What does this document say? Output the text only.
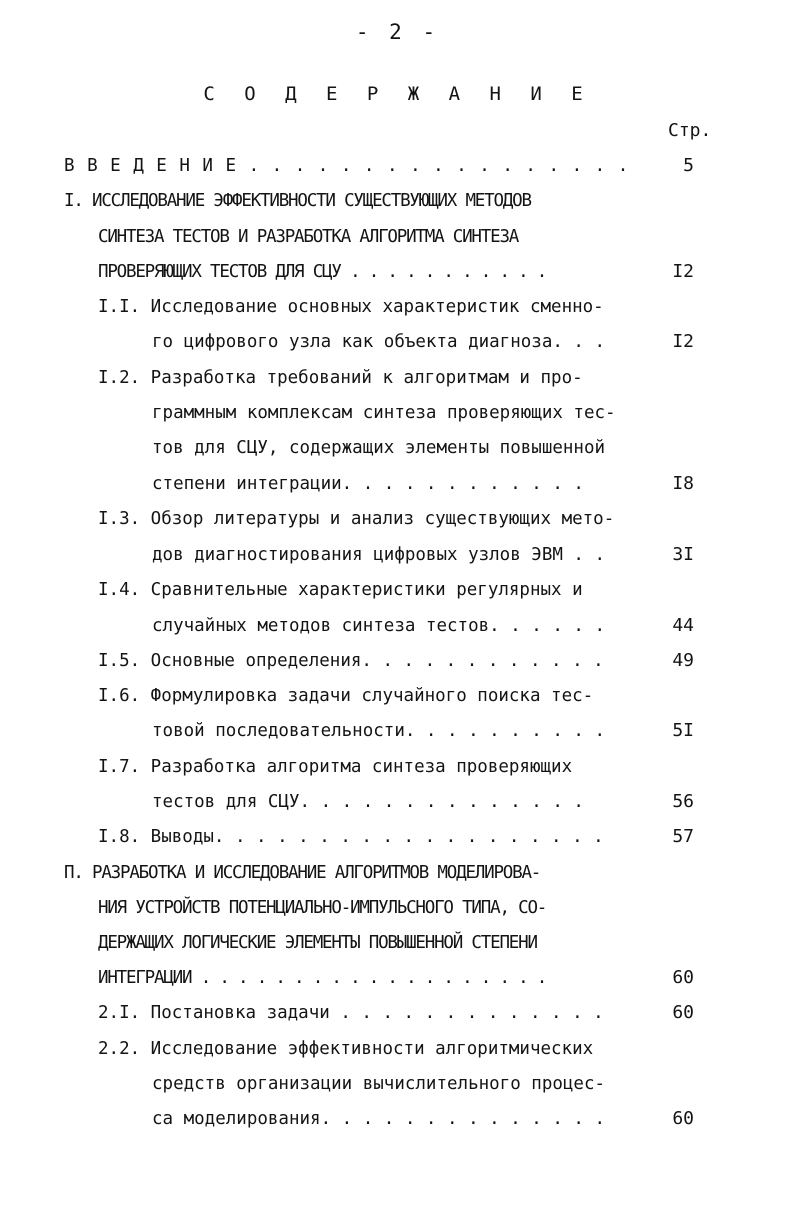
- 2 -
С О Д Е Р Ж А Н И Е
Стр.
В В Е Д Е Н И Е . . . . . . . . . . . . . . . . .	5
I. ИССЛЕДОВАНИЕ ЭФФЕКТИВНОСТИ СУЩЕСТВУЮЩИХ МЕТОДОВ
СИНТЕЗА ТЕСТОВ И РАЗРАБОТКА АЛГОРИТМА СИНТЕЗА
ПРОВЕРЯЮЩИХ ТЕСТОВ ДЛЯ СЦУ . . . . . . . . . . .	I2
I.I. Исследование основных характеристик сменно-
го цифрового узла как объекта диагноза. . .	I2
I.2. Разработка требований к алгоритмам и про-
граммным комплексам синтеза проверяющих тес-
тов для СЦУ, содержащих элементы повышенной
степени интеграции. . . . . . . . . . . .	I8
I.3. Обзор литературы и анализ существующих мето-
дов диагностирования цифровых узлов ЭВМ . .	3I
I.4. Сравнительные характеристики регулярных и
случайных методов синтеза тестов. . . . . .	44
I.5. Основные определения. . . . . . . . . . . .	49
I.6. Формулировка задачи случайного поиска тес-
товой последовательности. . . . . . . . . .	5I
I.7. Разработка алгоритма синтеза проверяющих
тестов для СЦУ. . . . . . . . . . . . . .	56
I.8. Выводы. . . . . . . . . . . . . . . . . . .	57
П. РАЗРАБОТКА И ИССЛЕДОВАНИЕ АЛГОРИТМОВ МОДЕЛИРОВА-
НИЯ УСТРОЙСТВ ПОТЕНЦИАЛЬНО-ИМПУЛЬСНОГО ТИПА, СО-
ДЕРЖАЩИХ ЛОГИЧЕСКИЕ ЭЛЕМЕНТЫ ПОВЫШЕННОЙ СТЕПЕНИ
ИНТЕГРАЦИИ . . . . . . . . . . . . . . . . . . .	60
2.I. Постановка задачи . . . . . . . . . . . . .	60
2.2. Исследование эффективности алгоритмических
средств организации вычислительного процес-
са моделирования. . . . . . . . . . . . . .	60
